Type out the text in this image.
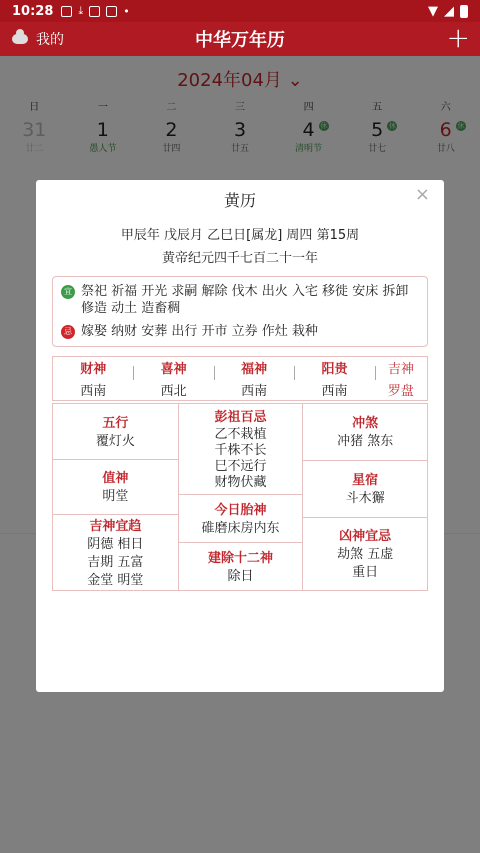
10:28 ⤓	•	▼ ◢
我的	中华万年历	+
×
黄历
甲辰年 戊辰月 乙巳日[属龙] 周四 第15周
黄帝纪元四千七百二十一年
宜 祭祀 祈福 开光 求嗣 解除 伐木 出火 入宅 移徙 安床 拆卸 修造 动土 造畜稠
忌 嫁娶 纳财 安葬 出行 开市 立券 作灶 栽种
财神
西南
喜神
西北
福神
西南
阳贵
西南
吉神
罗盘
五行
覆灯火
值神
明堂
吉神宜趋
阴德 相日 吉期 五富 金堂 明堂
彭祖百忌
乙不栽植 千株不长 巳不远行 财物伏藏
今日胎神
碓磨床房内东
建除十二神
除日
冲煞
冲猪 煞东
星宿
斗木獬
凶神宜忌
劫煞 五虚 重日
